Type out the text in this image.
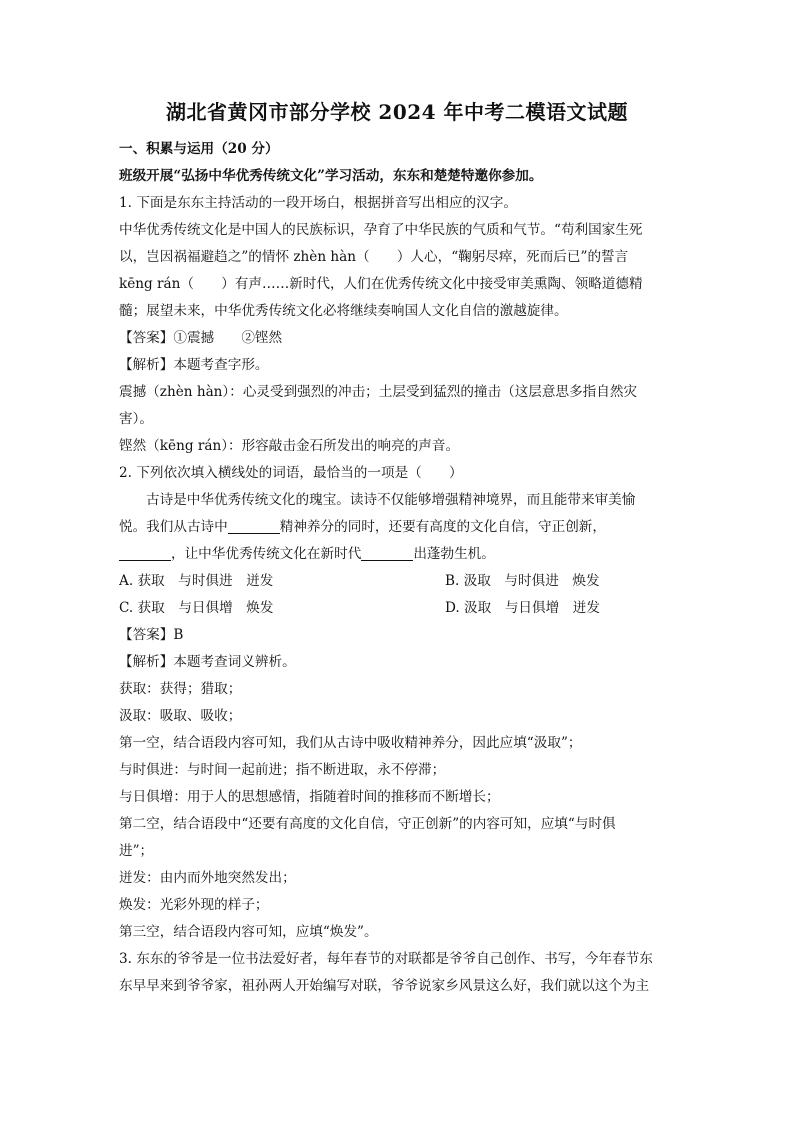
湖北省黄冈市部分学校 2024 年中考二模语文试题
一、积累与运用（20 分）
班级开展“弘扬中华优秀传统文化”学习活动，东东和楚楚特邀你参加。
1. 下面是东东主持活动的一段开场白，根据拼音写出相应的汉字。
中华优秀传统文化是中国人的民族标识，孕育了中华民族的气质和气节。“苟利国家生死
以，岂因祸福避趋之”的情怀 zhèn hàn（　　）人心，“鞠躬尽瘁，死而后已”的誓言
kēng rán（　　）有声……新时代，人们在优秀传统文化中接受审美熏陶、领略道德精
髓；展望未来，中华优秀传统文化必将继续奏响国人文化自信的激越旋律。
【答案】①震撼　　②铿然
【解析】本题考查字形。
震撼（zhèn hàn）：心灵受到强烈的冲击；土层受到猛烈的撞击（这层意思多指自然灾
害）。
铿然（kēng rán）：形容敲击金石所发出的响亮的声音。
2. 下列依次填入横线处的词语，最恰当的一项是（　　）
古诗是中华优秀传统文化的瑰宝。读诗不仅能够增强精神境界，而且能带来审美愉
悦。我们从古诗中	精神养分的同时，还要有高度的文化自信，守正创新，
，让中华优秀传统文化在新时代	出蓬勃生机。
A. 获取　与时俱进　迸发	B. 汲取　与时俱进　焕发
C. 获取　与日俱增　焕发	D. 汲取　与日俱增　迸发
【答案】B
【解析】本题考查词义辨析。
获取：获得；猎取；
汲取：吸取、吸收；
第一空，结合语段内容可知，我们从古诗中吸收精神养分，因此应填“汲取”；
与时俱进：与时间一起前进；指不断进取，永不停滞；
与日俱增：用于人的思想感情，指随着时间的推移而不断增长；
第二空，结合语段中“还要有高度的文化自信，守正创新”的内容可知，应填“与时俱
进”；
迸发：由内而外地突然发出；
焕发：光彩外现的样子；
第三空，结合语段内容可知，应填“焕发”。
3. 东东的爷爷是一位书法爱好者，每年春节的对联都是爷爷自己创作、书写，今年春节东
东早早来到爷爷家，祖孙两人开始编写对联，爷爷说家乡风景这么好，我们就以这个为主
